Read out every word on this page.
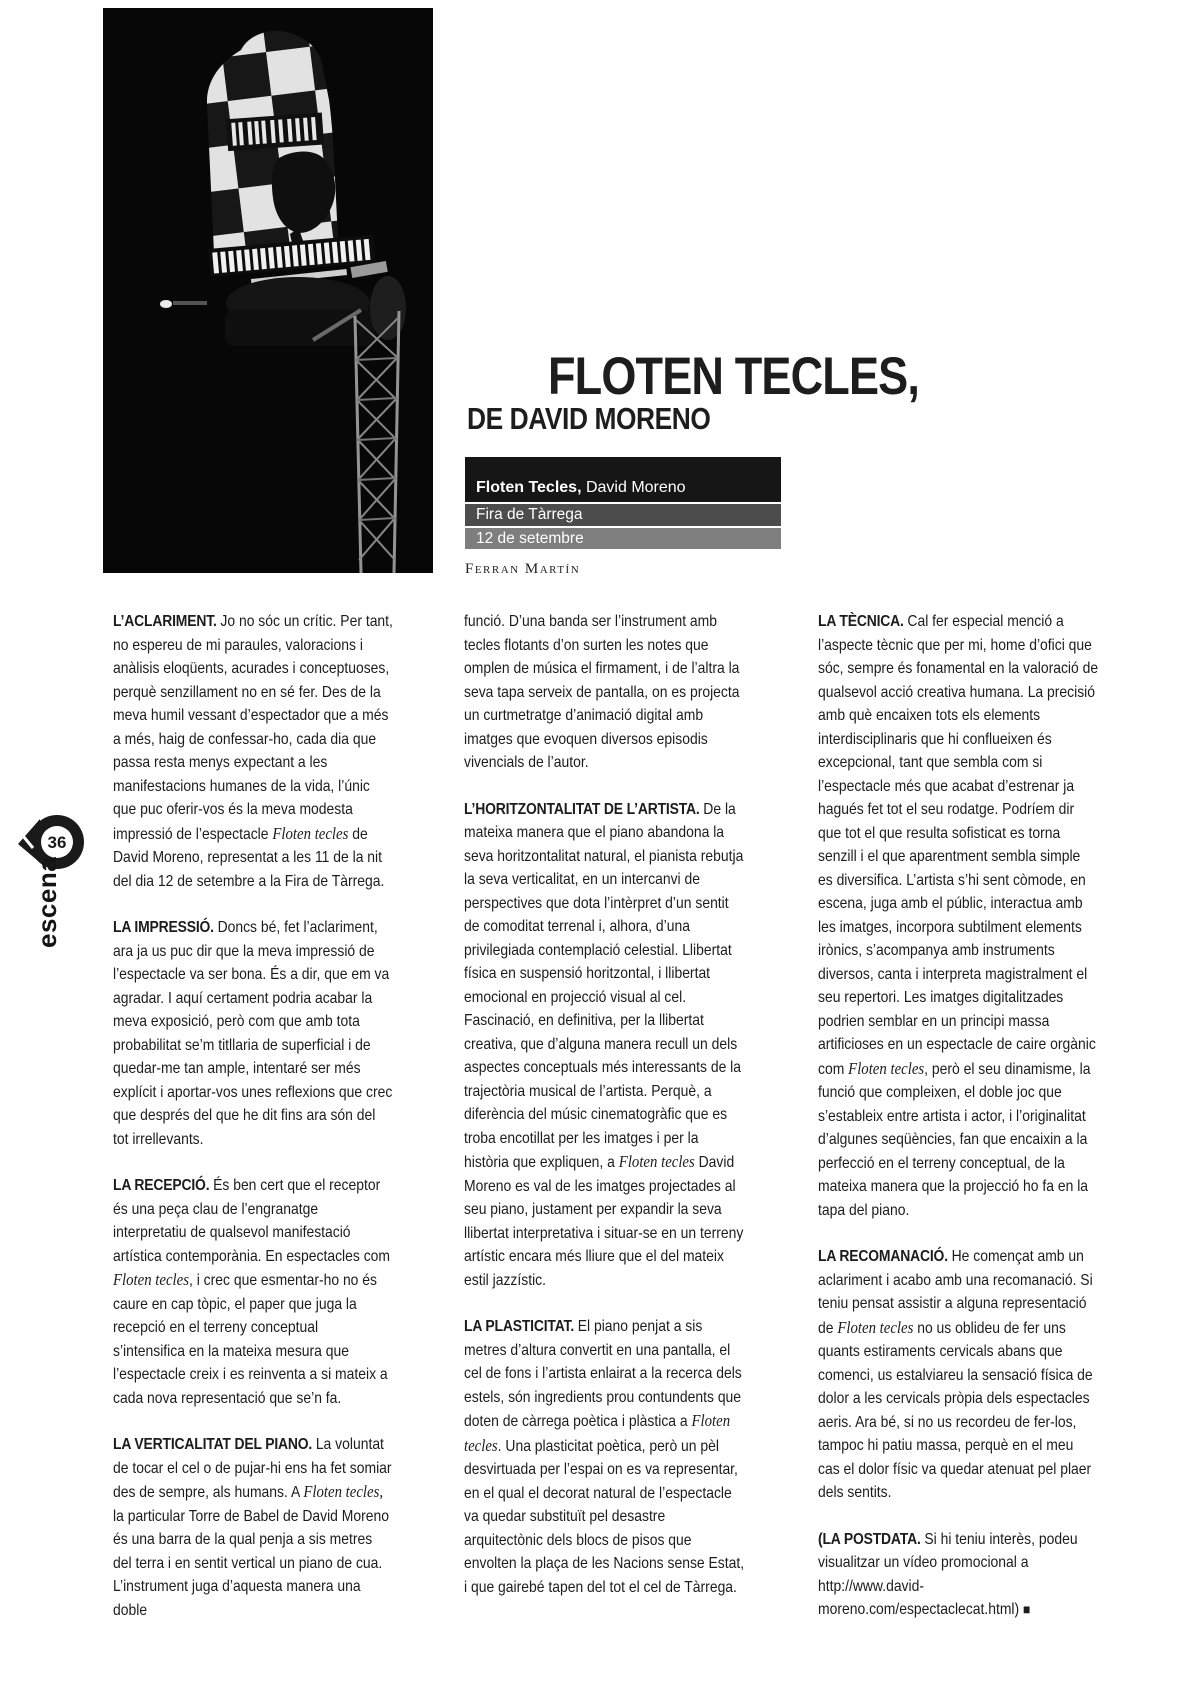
FLOTEN TECLES,
DE DAVID MORENO
Floten Tecles, David Moreno
Fira de Tàrrega
12 de setembre
Ferran Martín
36
escena

L’ACLARIMENT. Jo no sóc un crític. Per tant, no espereu de mi paraules, valoracions i anàlisis eloqüents, acurades i conceptuoses, perquè senzillament no en sé fer. Des de la meva humil vessant d’espectador que a més a més, haig de confessar-ho, cada dia que passa resta menys expectant a les manifestacions humanes de la vida, l’únic que puc oferir-vos és la meva modesta impressió de l’espectacle Floten tecles de David Moreno, representat a les 11 de la nit del dia 12 de setembre a la Fira de Tàrrega.

LA IMPRESSIÓ. Doncs bé, fet l’aclariment, ara ja us puc dir que la meva impressió de l’espectacle va ser bona. És a dir, que em va agradar. I aquí certament podria acabar la meva exposició, però com que amb tota probabilitat se’m titllaria de superficial i de quedar-me tan ample, intentaré ser més explícit i aportar-vos unes reflexions que crec que després del que he dit fins ara són del tot irrellevants.

LA RECEPCIÓ. És ben cert que el receptor és una peça clau de l’engranatge interpretatiu de qualsevol manifestació artística contemporània. En espectacles com Floten tecles, i crec que esmentar-ho no és caure en cap tòpic, el paper que juga la recepció en el terreny conceptual s’intensifica en la mateixa mesura que l’espectacle creix i es reinventa a si mateix a cada nova representació que se’n fa.

LA VERTICALITAT DEL PIANO. La voluntat de tocar el cel o de pujar-hi ens ha fet somiar des de sempre, als humans. A Floten tecles, la particular Torre de Babel de David Moreno és una barra de la qual penja a sis metres del terra i en sentit vertical un piano de cua. L’instrument juga d’aquesta manera una doble

funció. D’una banda ser l’instrument amb tecles flotants d’on surten les notes que omplen de música el firmament, i de l’altra la seva tapa serveix de pantalla, on es projecta un curtmetratge d’animació digital amb imatges que evoquen diversos episodis vivencials de l’autor.

L’HORITZONTALITAT DE L’ARTISTA. De la mateixa manera que el piano abandona la seva horitzontalitat natural, el pianista rebutja la seva verticalitat, en un intercanvi de perspectives que dota l’intèrpret d’un sentit de comoditat terrenal i, alhora, d’una privilegiada contemplació celestial. Llibertat física en suspensió horitzontal, i llibertat emocional en projecció visual al cel. Fascinació, en definitiva, per la llibertat creativa, que d’alguna manera recull un dels aspectes conceptuals més interessants de la trajectòria musical de l’artista. Perquè, a diferència del músic cinematogràfic que es troba encotillat per les imatges i per la història que expliquen, a Floten tecles David Moreno es val de les imatges projectades al seu piano, justament per expandir la seva llibertat interpretativa i situar-se en un terreny artístic encara més lliure que el del mateix estil jazzístic.

LA PLASTICITAT. El piano penjat a sis metres d’altura convertit en una pantalla, el cel de fons i l’artista enlairat a la recerca dels estels, són ingredients prou contundents que doten de càrrega poètica i plàstica a Floten tecles. Una plasticitat poètica, però un pèl desvirtuada per l’espai on es va representar, en el qual el decorat natural de l’espectacle va quedar substituït pel desastre arquitectònic dels blocs de pisos que envolten la plaça de les Nacions sense Estat, i que gairebé tapen del tot el cel de Tàrrega.

LA TÈCNICA. Cal fer especial menció a l’aspecte tècnic que per mi, home d’ofici que sóc, sempre és fonamental en la valoració de qualsevol acció creativa humana. La precisió amb què encaixen tots els elements interdisciplinaris que hi conflueixen és excepcional, tant que sembla com si l’espectacle més que acabat d’estrenar ja hagués fet tot el seu rodatge. Podríem dir que tot el que resulta sofisticat es torna senzill i el que aparentment sembla simple es diversifica. L’artista s’hi sent còmode, en escena, juga amb el públic, interactua amb les imatges, incorpora subtilment elements irònics, s’acompanya amb instruments diversos, canta i interpreta magistralment el seu repertori. Les imatges digitalitzades podrien semblar en un principi massa artificioses en un espectacle de caire orgànic com Floten tecles, però el seu dinamisme, la funció que compleixen, el doble joc que s’estableix entre artista i actor, i l’originalitat d’algunes seqüències, fan que encaixin a la perfecció en el terreny conceptual, de la mateixa manera que la projecció ho fa en la tapa del piano.

LA RECOMANACIÓ. He començat amb un aclariment i acabo amb una recomanació. Si teniu pensat assistir a alguna representació de Floten tecles no us oblideu de fer uns quants estiraments cervicals abans que comenci, us estalviareu la sensació física de dolor a les cervicals pròpia dels espectacles aeris. Ara bé, si no us recordeu de fer-los, tampoc hi patiu massa, perquè en el meu cas el dolor físic va quedar atenuat pel plaer dels sentits.

(LA POSTDATA. Si hi teniu interès, podeu visualitzar un vídeo promocional a http://www.david-moreno.com/espectaclecat.html) ■
